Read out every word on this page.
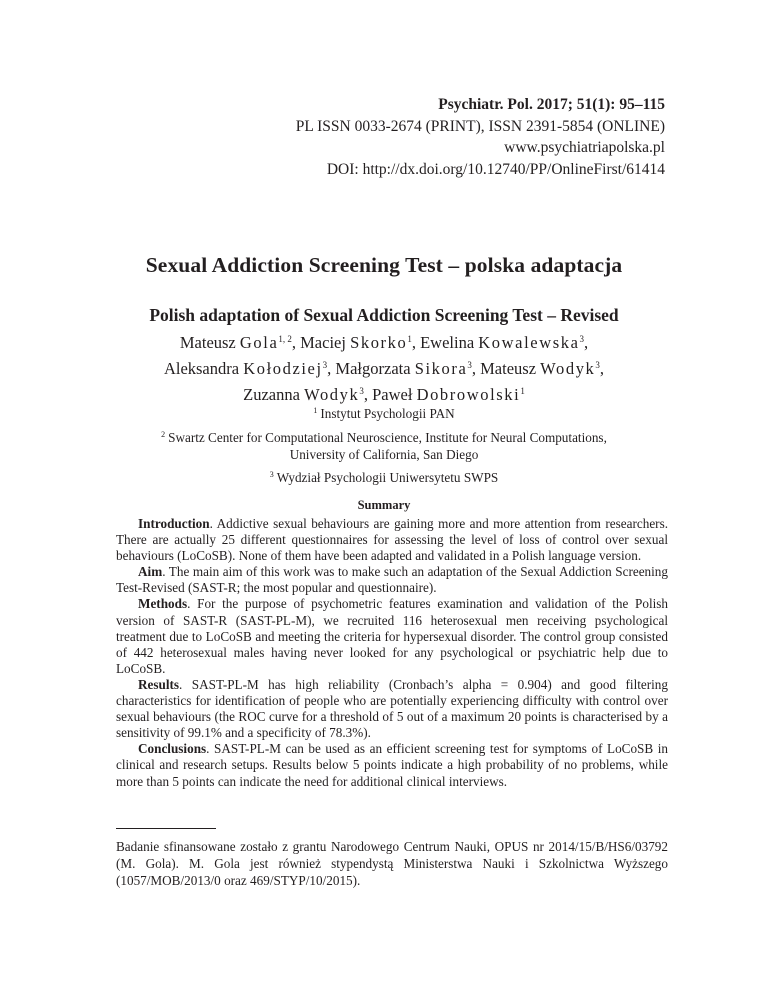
Psychiatr. Pol. 2017; 51(1): 95–115
PL ISSN 0033-2674 (PRINT), ISSN 2391-5854 (ONLINE)
www.psychiatriapolska.pl
DOI: http://dx.doi.org/10.12740/PP/OnlineFirst/61414
Sexual Addiction Screening Test – polska adaptacja
Polish adaptation of Sexual Addiction Screening Test – Revised
Mateusz Gola$^{1, 2}$, Maciej Skorko$^1$, Ewelina Kowalewska$^3$,
Aleksandra Kołodziej$^3$, Małgorzata Sikora$^3$, Mateusz Wodyk$^3$,
Zuzanna Wodyk$^3$, Paweł Dobrowolski$^1$
$^1$ Instytut Psychologii PAN
$^2$ Swartz Center for Computational Neuroscience, Institute for Neural Computations,
University of California, San Diego
$^3$ Wydział Psychologii Uniwersytetu SWPS
Summary

Introduction. Addictive sexual behaviours are gaining more and more attention from researchers. There are actually 25 different questionnaires for assessing the level of loss of control over sexual behaviours (LoCoSB). None of them have been adapted and validated in a Polish language version.

Aim. The main aim of this work was to make such an adaptation of the Sexual Addiction Screening Test-Revised (SAST-R; the most popular and questionnaire).

Methods. For the purpose of psychometric features examination and validation of the Polish version of SAST-R (SAST-PL-M), we recruited 116 heterosexual men receiving psychological treatment due to LoCoSB and meeting the criteria for hypersexual disorder. The control group consisted of 442 heterosexual males having never looked for any psychological or psychiatric help due to LoCoSB.

Results. SAST-PL-M has high reliability (Cronbach’s alpha = 0.904) and good filtering characteristics for identification of people who are potentially experiencing difficulty with control over sexual behaviours (the ROC curve for a threshold of 5 out of a maximum 20 points is characterised by a sensitivity of 99.1% and a specificity of 78.3%).

Conclusions. SAST-PL-M can be used as an efficient screening test for symptoms of LoCoSB in clinical and research setups. Results below 5 points indicate a high probability of no problems, while more than 5 points can indicate the need for additional clinical interviews.

Badanie sfinansowane zostało z grantu Narodowego Centrum Nauki, OPUS nr 2014/15/B/HS6/03792 (M. Gola). M. Gola jest również stypendystą Ministerstwa Nauki i Szkolnictwa Wyższego (1057/MOB/2013/0 oraz 469/STYP/10/2015).
